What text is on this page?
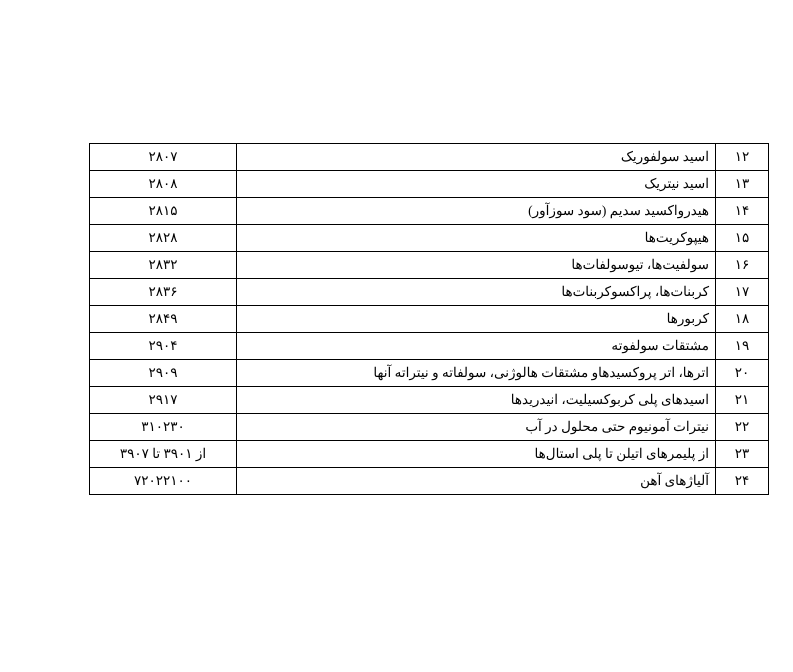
۱۲	اسید سولفوریک	۲۸۰۷
۱۳	اسید نیتریک	۲۸۰۸
۱۴	هیدرواکسید سدیم (سود سوزآور)	۲۸۱۵
۱۵	هیپوکریت‌ها	۲۸۲۸
۱۶	سولفیت‌ها، تیوسولفات‌ها	۲۸۳۲
۱۷	کربنات‌ها، پراکسوکربنات‌ها	۲۸۳۶
۱۸	کربورها	۲۸۴۹
۱۹	مشتقات سولفوته	۲۹۰۴
۲۰	اترها، اتر پروکسیدهاو مشتقات هالوژنی، سولفاته و نیتراته آنها	۲۹۰۹
۲۱	اسیدهای پلی کربوکسیلیت، انیدریدها	۲۹۱۷
۲۲	نیترات آمونیوم حتی محلول در آب	۳۱۰۲۳۰
۲۳	از پلیمرهای اتیلن تا پلی استال‌ها	از ۳۹۰۱ تا ۳۹۰۷
۲۴	آلیاژهای آهن	۷۲۰۲۲۱۰۰
